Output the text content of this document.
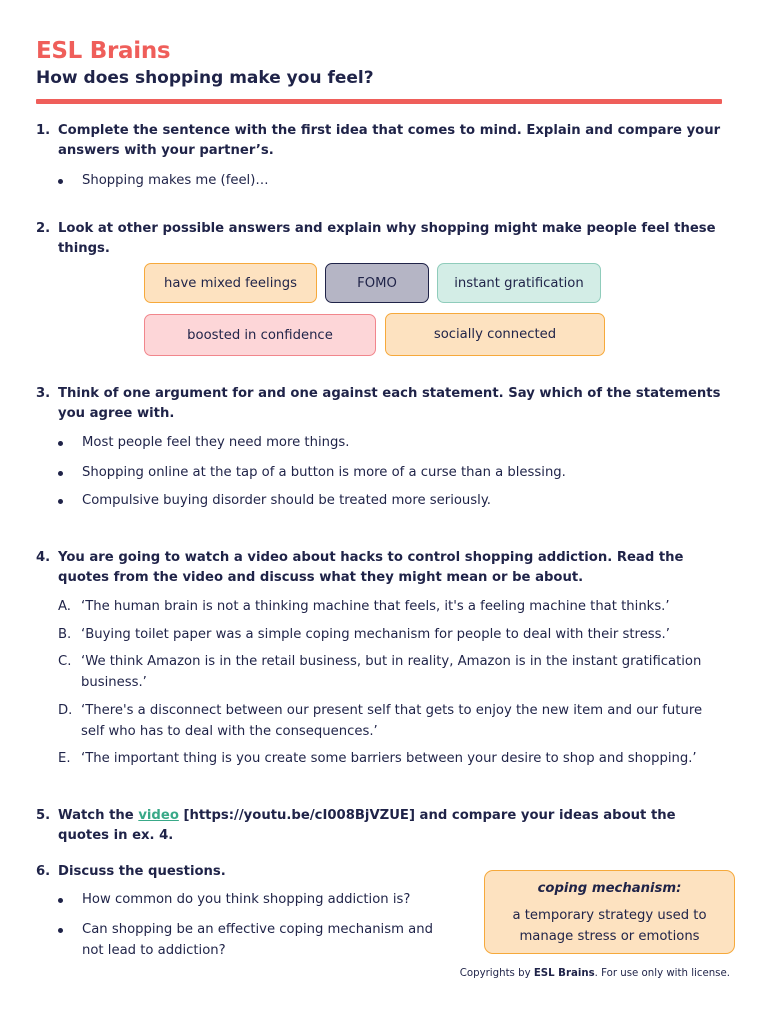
ESL Brains
How does shopping make you feel?
1. Complete the sentence with the first idea that comes to mind. Explain and compare your answers with your partner’s.
Shopping makes me (feel)…
2. Look at other possible answers and explain why shopping might make people feel these things.
have mixed feelings	FOMO	instant gratification
boosted in confidence	socially connected
3. Think of one argument for and one against each statement. Say which of the statements you agree with.
Most people feel they need more things.
Shopping online at the tap of a button is more of a curse than a blessing.
Compulsive buying disorder should be treated more seriously.
4. You are going to watch a video about hacks to control shopping addiction. Read the quotes from the video and discuss what they might mean or be about.
A. ‘The human brain is not a thinking machine that feels, it's a feeling machine that thinks.’
B. ‘Buying toilet paper was a simple coping mechanism for people to deal with their stress.’
C. ‘We think Amazon is in the retail business, but in reality, Amazon is in the instant gratification business.’
D. ‘There's a disconnect between our present self that gets to enjoy the new item and our future self who has to deal with the consequences.’
E. ‘The important thing is you create some barriers between your desire to shop and shopping.’
5. Watch the video [https://youtu.be/cI008BjVZUE] and compare your ideas about the quotes in ex. 4.
6. Discuss the questions.
How common do you think shopping addiction is?
Can shopping be an effective coping mechanism and not lead to addiction?
coping mechanism:
a temporary strategy used to manage stress or emotions
Copyrights by ESL Brains. For use only with license.
